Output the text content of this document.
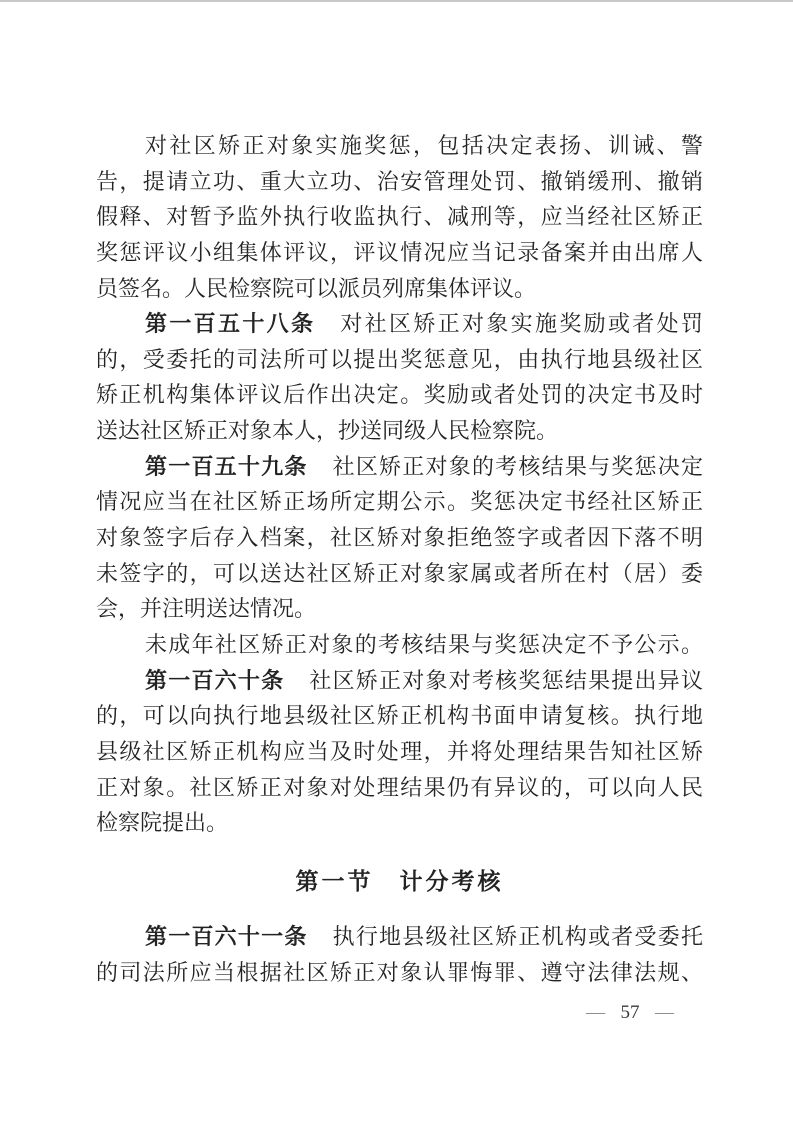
对社区矫正对象实施奖惩，包括决定表扬、训诫、警
告，提请立功、重大立功、治安管理处罚、撤销缓刑、撤销
假释、对暂予监外执行收监执行、减刑等，应当经社区矫正
奖惩评议小组集体评议，评议情况应当记录备案并由出席人
员签名。人民检察院可以派员列席集体评议。
第一百五十八条 对社区矫正对象实施奖励或者处罚
的，受委托的司法所可以提出奖惩意见，由执行地县级社区
矫正机构集体评议后作出决定。奖励或者处罚的决定书及时
送达社区矫正对象本人，抄送同级人民检察院。
第一百五十九条 社区矫正对象的考核结果与奖惩决定
情况应当在社区矫正场所定期公示。奖惩决定书经社区矫正
对象签字后存入档案，社区矫对象拒绝签字或者因下落不明
未签字的，可以送达社区矫正对象家属或者所在村（居）委
会，并注明送达情况。
未成年社区矫正对象的考核结果与奖惩决定不予公示。
第一百六十条 社区矫正对象对考核奖惩结果提出异议
的，可以向执行地县级社区矫正机构书面申请复核。执行地
县级社区矫正机构应当及时处理，并将处理结果告知社区矫
正对象。社区矫正对象对处理结果仍有异议的，可以向人民
检察院提出。
第一节　计分考核
第一百六十一条 执行地县级社区矫正机构或者受委托
的司法所应当根据社区矫正对象认罪悔罪、遵守法律法规、
— 57 —
